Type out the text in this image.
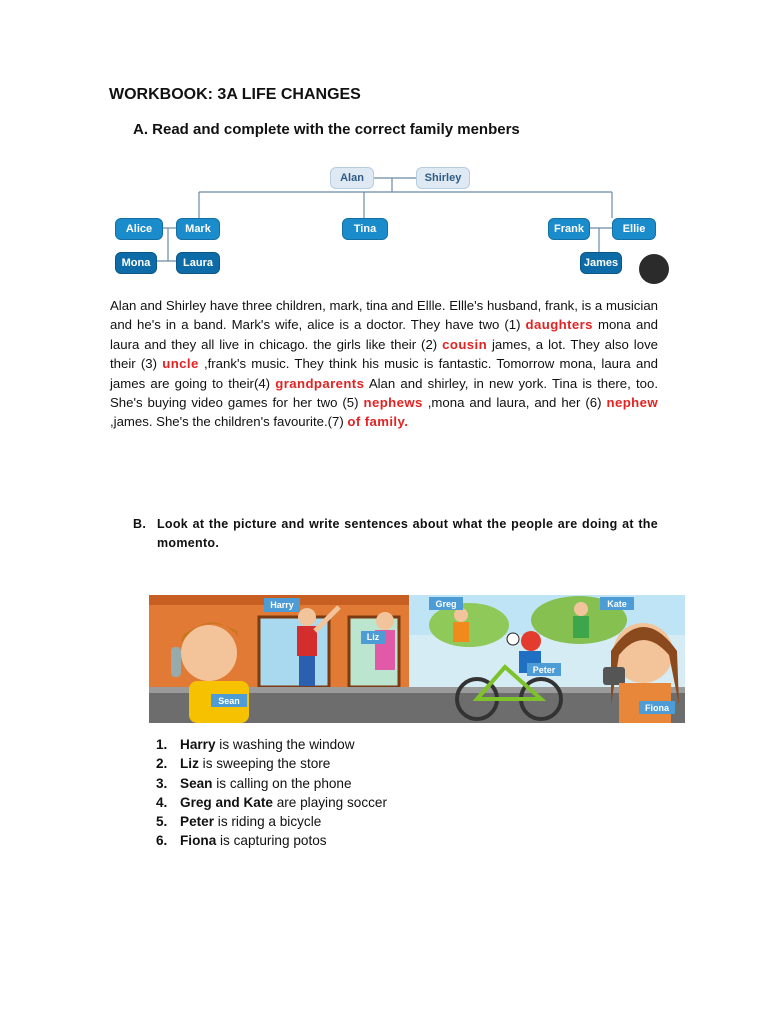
WORKBOOK: 3A LIFE CHANGES
A. Read and complete with the correct family menbers
Alan	Shirley
Alice	Mark	Tina	Frank	Ellie
Mona	Laura	James
Alan and Shirley have three children, mark, tina and Ellle. Ellle's husband, frank, is a musician and he's in a band. Mark's wife, alice is a doctor. They have two (1) daughters mona and laura and they all live in chicago. the girls like their (2) cousin james, a lot. They also love their (3) uncle ,frank's music. They think his music is fantastic. Tomorrow mona, laura and james are going to their(4) grandparents Alan and shirley, in new york. Tina is there, too. She's buying video games for her two (5) nephews ,mona and laura, and her (6) nephew ,james. She's the children's favourite.(7) of family.
B. Look at the picture and write sentences about what the people are doing at the momento.
Harry
Liz
Greg	Kate
Peter
Sean
Fiona
1. Harry is washing the window
2. Liz is sweeping the store
3. Sean is calling on the phone
4. Greg and Kate are playing soccer
5. Peter is riding a bicycle
6. Fiona is capturing potos
